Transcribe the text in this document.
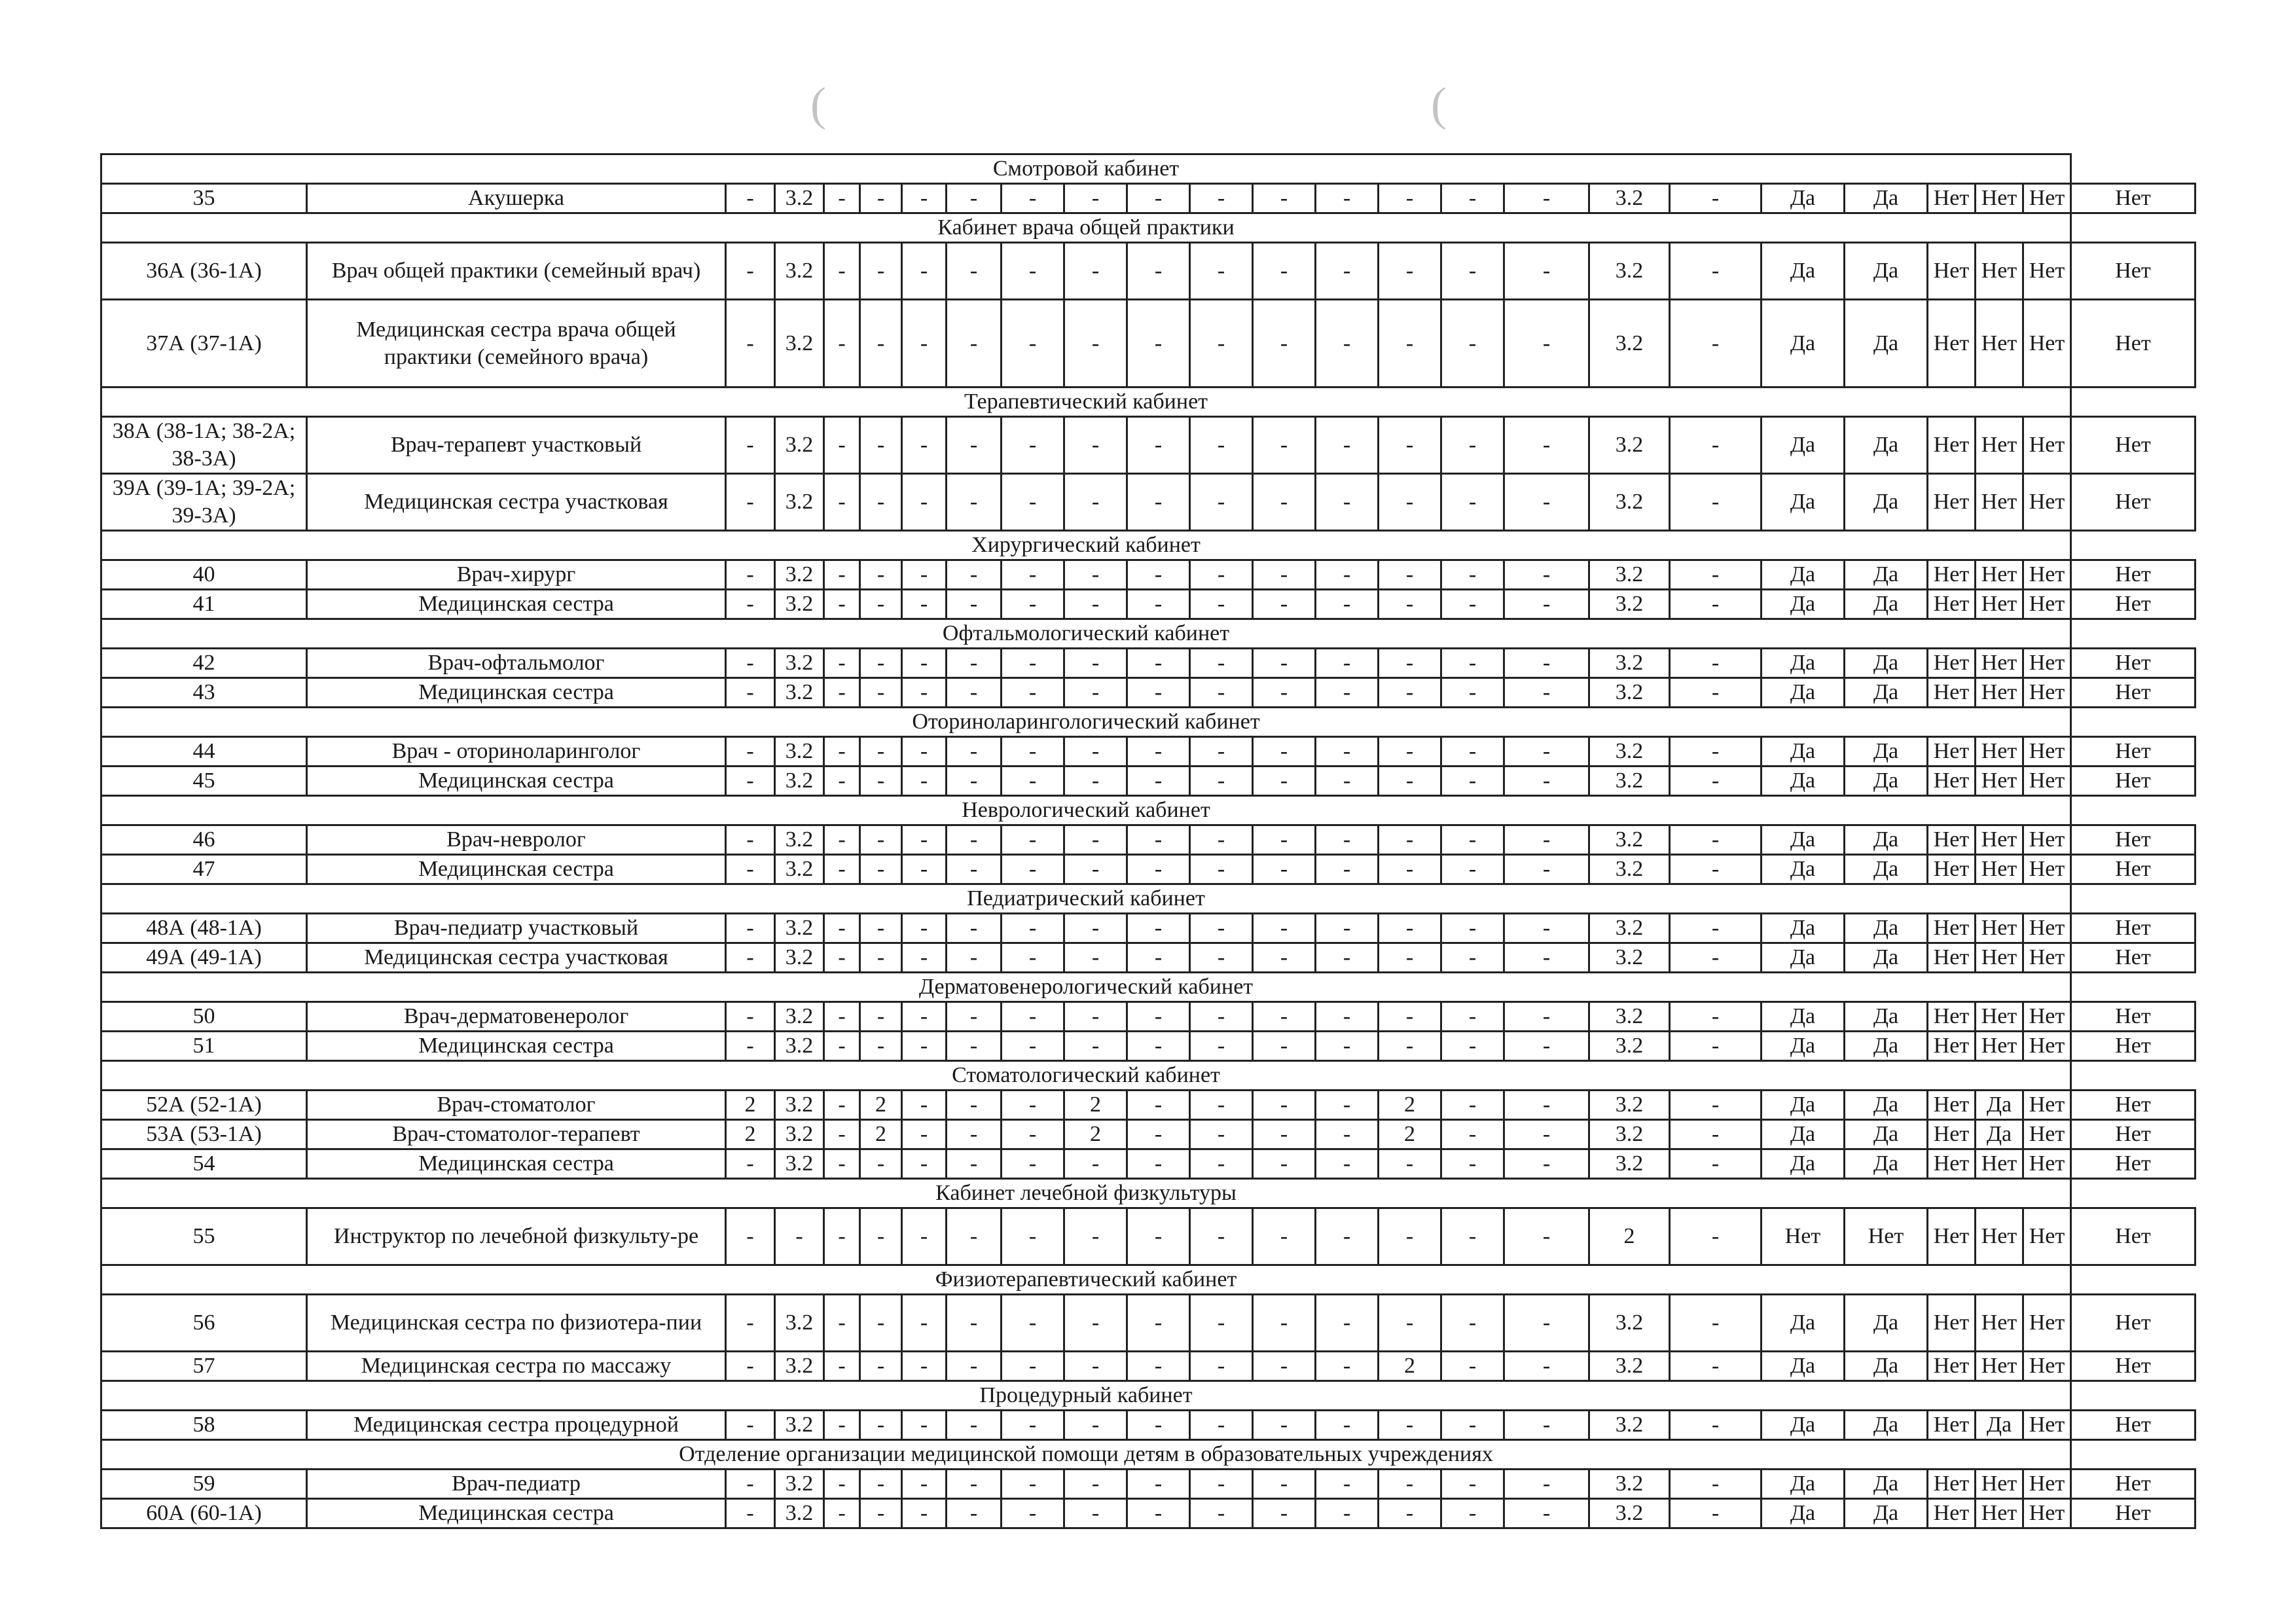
(	(
Смотровой кабинет																								
35	Акушерка	-	3.2	-	-	-	-	-	-	-	-	-	-	-	-	-	3.2	-	Да	Да	Нет	Нет	Нет	Нет
Кабинет врача общей практики																								
36А (36-1А)	Врач общей практики (семейный врач)	-	3.2	-	-	-	-	-	-	-	-	-	-	-	-	-	3.2	-	Да	Да	Нет	Нет	Нет	Нет
37А (37-1А)	Медицинская сестра врача общей практики (семейного врача)	-	3.2	-	-	-	-	-	-	-	-	-	-	-	-	-	3.2	-	Да	Да	Нет	Нет	Нет	Нет
Терапевтический кабинет																								
38А (38-1А; 38-2А; 38-3А)	Врач-терапевт участковый	-	3.2	-	-	-	-	-	-	-	-	-	-	-	-	-	3.2	-	Да	Да	Нет	Нет	Нет	Нет
39А (39-1А; 39-2А; 39-3А)	Медицинская сестра участковая	-	3.2	-	-	-	-	-	-	-	-	-	-	-	-	-	3.2	-	Да	Да	Нет	Нет	Нет	Нет
Хирургический кабинет																								
40	Врач-хирург	-	3.2	-	-	-	-	-	-	-	-	-	-	-	-	-	3.2	-	Да	Да	Нет	Нет	Нет	Нет
41	Медицинская сестра	-	3.2	-	-	-	-	-	-	-	-	-	-	-	-	-	3.2	-	Да	Да	Нет	Нет	Нет	Нет
Офтальмологический кабинет																								
42	Врач-офтальмолог	-	3.2	-	-	-	-	-	-	-	-	-	-	-	-	-	3.2	-	Да	Да	Нет	Нет	Нет	Нет
43	Медицинская сестра	-	3.2	-	-	-	-	-	-	-	-	-	-	-	-	-	3.2	-	Да	Да	Нет	Нет	Нет	Нет
Оториноларингологический кабинет																								
44	Врач - оториноларинголог	-	3.2	-	-	-	-	-	-	-	-	-	-	-	-	-	3.2	-	Да	Да	Нет	Нет	Нет	Нет
45	Медицинская сестра	-	3.2	-	-	-	-	-	-	-	-	-	-	-	-	-	3.2	-	Да	Да	Нет	Нет	Нет	Нет
Неврологический кабинет																								
46	Врач-невролог	-	3.2	-	-	-	-	-	-	-	-	-	-	-	-	-	3.2	-	Да	Да	Нет	Нет	Нет	Нет
47	Медицинская сестра	-	3.2	-	-	-	-	-	-	-	-	-	-	-	-	-	3.2	-	Да	Да	Нет	Нет	Нет	Нет
Педиатрический кабинет																								
48А (48-1А)	Врач-педиатр участковый	-	3.2	-	-	-	-	-	-	-	-	-	-	-	-	-	3.2	-	Да	Да	Нет	Нет	Нет	Нет
49А (49-1А)	Медицинская сестра участковая	-	3.2	-	-	-	-	-	-	-	-	-	-	-	-	-	3.2	-	Да	Да	Нет	Нет	Нет	Нет
Дерматовенерологический кабинет																								
50	Врач-дерматовенеролог	-	3.2	-	-	-	-	-	-	-	-	-	-	-	-	-	3.2	-	Да	Да	Нет	Нет	Нет	Нет
51	Медицинская сестра	-	3.2	-	-	-	-	-	-	-	-	-	-	-	-	-	3.2	-	Да	Да	Нет	Нет	Нет	Нет
Стоматологический кабинет																								
52А (52-1А)	Врач-стоматолог	2	3.2	-	2	-	-	-	2	-	-	-	-	2	-	-	3.2	-	Да	Да	Нет	Да	Нет	Нет
53А (53-1А)	Врач-стоматолог-терапевт	2	3.2	-	2	-	-	-	2	-	-	-	-	2	-	-	3.2	-	Да	Да	Нет	Да	Нет	Нет
54	Медицинская сестра	-	3.2	-	-	-	-	-	-	-	-	-	-	-	-	-	3.2	-	Да	Да	Нет	Нет	Нет	Нет
Кабинет лечебной физкультуры																								
55	Инструктор по лечебной физкульту-ре	-	-	-	-	-	-	-	-	-	-	-	-	-	-	-	2	-	Нет	Нет	Нет	Нет	Нет	Нет
Физиотерапевтический кабинет																								
56	Медицинская сестра по физиотера-пии	-	3.2	-	-	-	-	-	-	-	-	-	-	-	-	-	3.2	-	Да	Да	Нет	Нет	Нет	Нет
57	Медицинская сестра по массажу	-	3.2	-	-	-	-	-	-	-	-	-	-	2	-	-	3.2	-	Да	Да	Нет	Нет	Нет	Нет
Процедурный кабинет																								
58	Медицинская сестра процедурной	-	3.2	-	-	-	-	-	-	-	-	-	-	-	-	-	3.2	-	Да	Да	Нет	Да	Нет	Нет
Отделение организации медицинской помощи детям в образовательных учреждениях																								
59	Врач-педиатр	-	3.2	-	-	-	-	-	-	-	-	-	-	-	-	-	3.2	-	Да	Да	Нет	Нет	Нет	Нет
60А (60-1А)	Медицинская сестра	-	3.2	-	-	-	-	-	-	-	-	-	-	-	-	-	3.2	-	Да	Да	Нет	Нет	Нет	Нет
